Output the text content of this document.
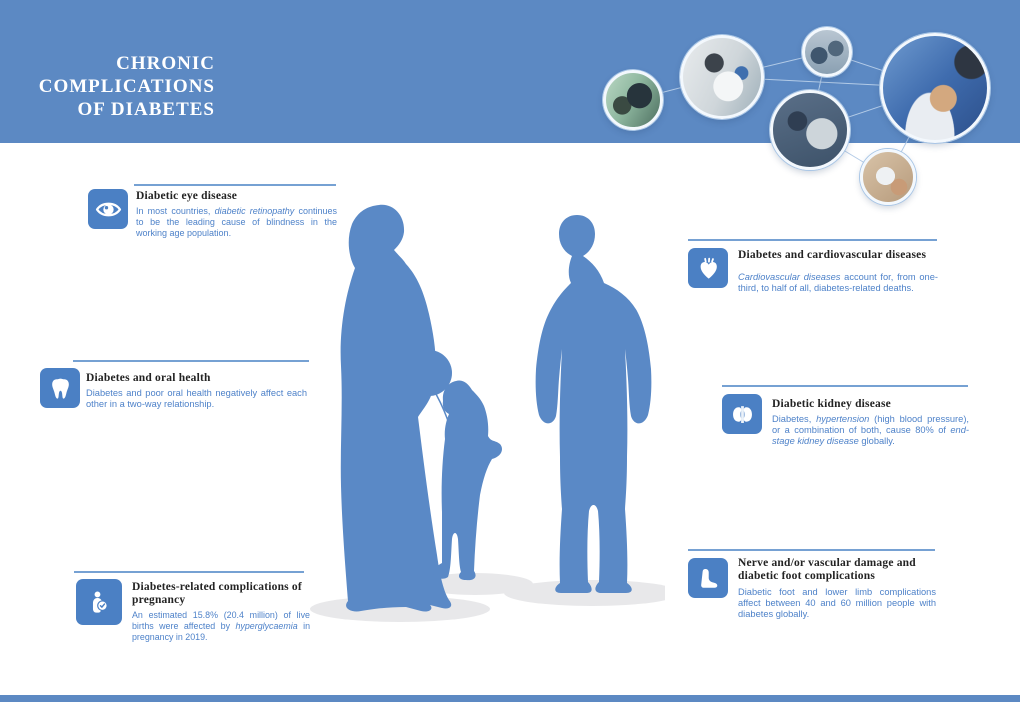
CHRONIC
COMPLICATIONS
OF DIABETES
Diabetic eye disease

In most countries, diabetic retinopathy continues to be the leading cause of blindness in the working age population.

Diabetes and oral health

Diabetes and poor oral health negatively affect each other in a two-way relationship.

Diabetes-related complications of
pregnancy

An estimated 15.8% (20.4 million) of live births were affected by hyperglycaemia in pregnancy in 2019.

Diabetes and cardiovascular diseases

Cardiovascular diseases account for, from one-third, to half of all, diabetes-related deaths.

Diabetic kidney disease

Diabetes, hypertension (high blood pressure), or a combination of both, cause 80% of end-stage kidney disease globally.

Nerve and/or vascular damage and
diabetic foot complications

Diabetic foot and lower limb complications affect between 40 and 60 million people with diabetes globally.
